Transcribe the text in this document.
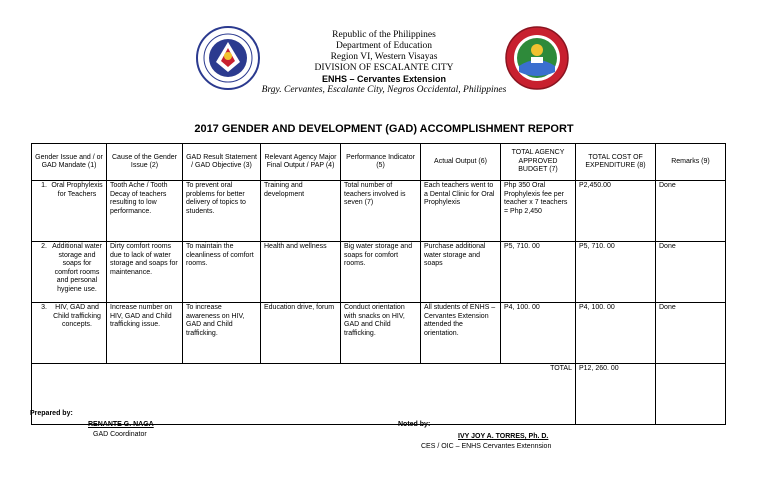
Republic of the Philippines
Department of Education
Region VI, Western Visayas
DIVISION OF ESCALANTE CITY
ENHS – Cervantes Extension
Brgy. Cervantes, Escalante City, Negros Occidental, Philippines
2017 GENDER AND DEVELOPMENT (GAD) ACCOMPLISHMENT REPORT
Gender Issue and / or GAD Mandate (1)	Cause of the Gender Issue (2)	GAD Result Statement / GAD Objective (3)	Relevant Agency Major Final Output / PAP (4)	Performance Indicator (5)	Actual Output (6)	TOTAL AGENCY APPROVED BUDGET (7)	TOTAL COST OF EXPENDITURE (8)	Remarks (9)

1. Oral Prophylexis for Teachers	Tooth Ache / Tooth Decay of teachers resulting to low performance.	To prevent oral problems for better delivery of topics to students.	Training and development	Total number of teachers involved is seven (7)	Each teachers went to a Dental Clinic for Oral Prophylexis	Php 350 Oral Prophylexis fee per teacher x 7 teachers = Php 2,450	P2,450.00	Done

2. Additional water storage and soaps for comfort rooms and personal hygiene use.	Dirty comfort rooms due to lack of water storage and soaps for maintenance.	To maintain the cleanliness of comfort rooms.	Health and wellness	Big water storage and soaps for comfort rooms.	Purchase additional water storage and soaps	P5, 710. 00	P5, 710. 00	Done

3. HIV, GAD and Child trafficking concepts.	Increase number on HIV, GAD and Child trafficking issue.	To increase awareness on HIV, GAD and Child trafficking.	Education drive, forum	Conduct orientation with snacks on HIV, GAD and Child trafficking.	All students of ENHS – Cervantes Extension attended the orientation.	P4, 100. 00	P4, 100. 00	Done
TOTAL							P12, 260. 00	
Prepared by:
RENANTE G. NAGA
GAD Coordinator
Noted by:
IVY JOY A. TORRES, Ph. D.
CES / OIC – ENHS Cervantes Extennsion
